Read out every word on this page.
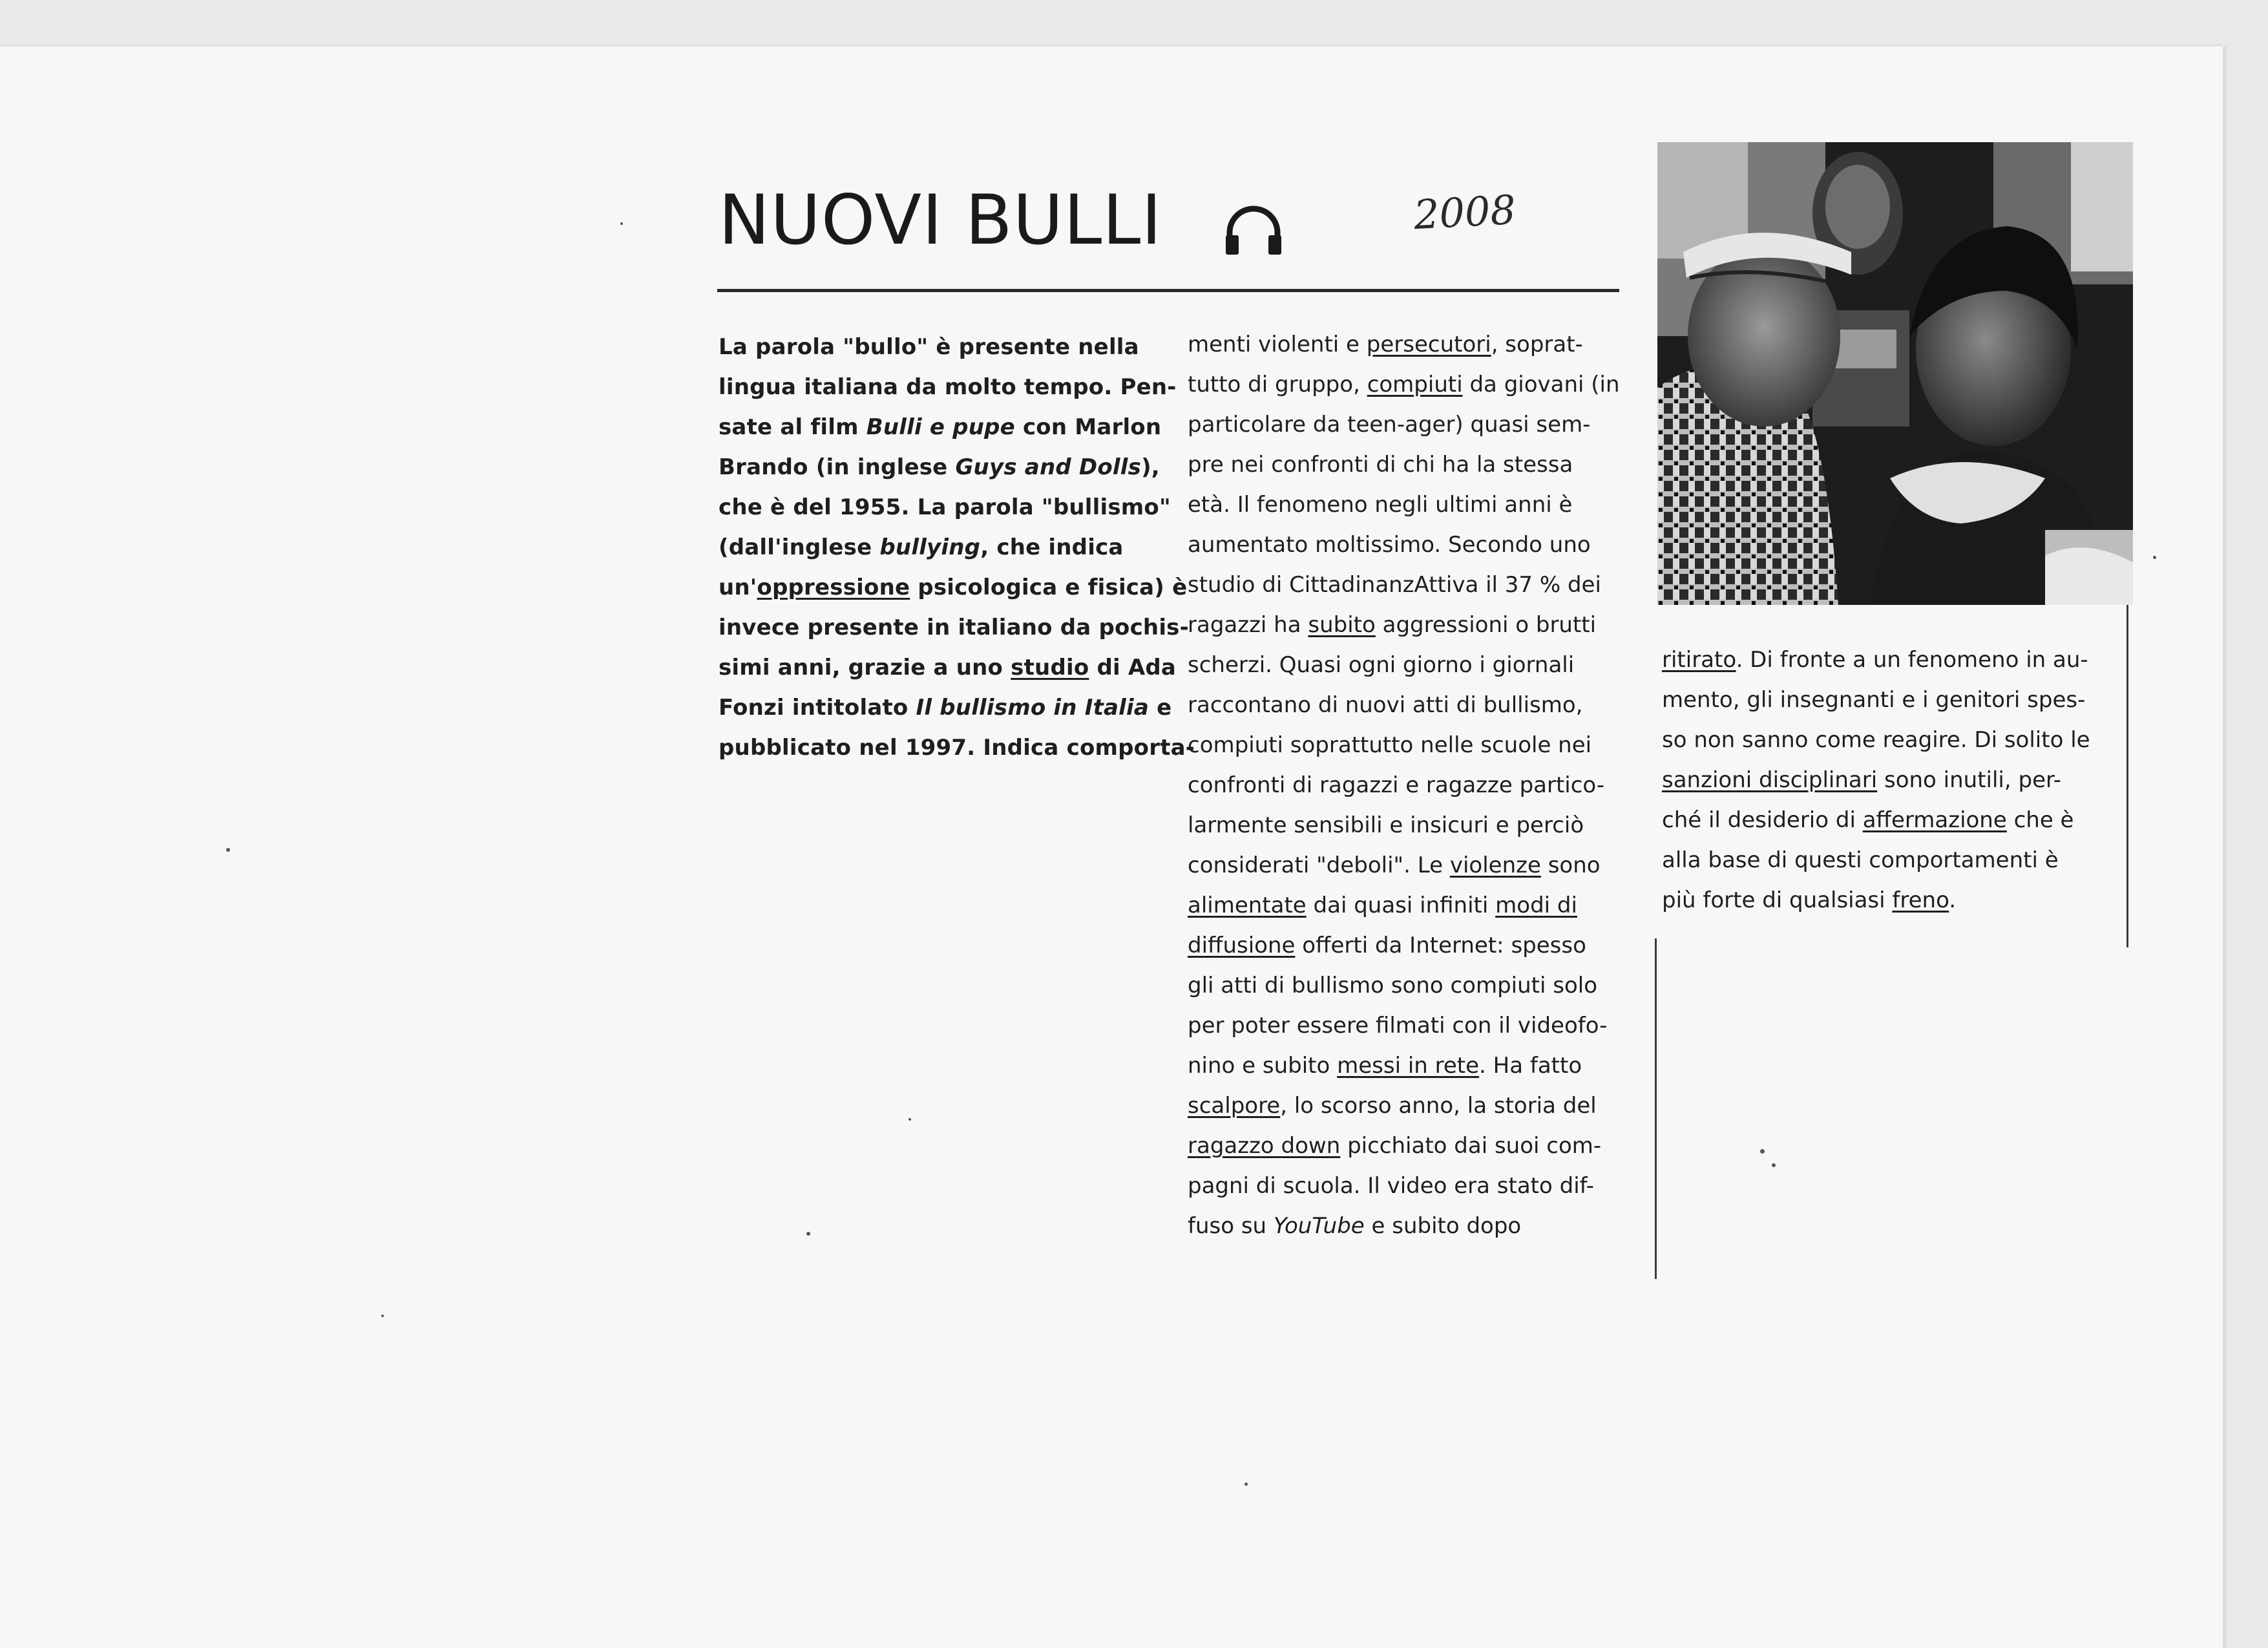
NUOVI BULLI	2008
La parola "bullo" è presente nella
lingua italiana da molto tempo. Pen-
sate al film Bulli e pupe con Marlon
Brando (in inglese Guys and Dolls),
che è del 1955. La parola "bullismo"
(dall'inglese bullying, che indica
un'oppressione psicologica e fisica) è
invece presente in italiano da pochis-
simi anni, grazie a uno studio di Ada
Fonzi intitolato Il bullismo in Italia e
pubblicato nel 1997. Indica comporta-
menti violenti e persecutori, soprat-
tutto di gruppo, compiuti da giovani (in
particolare da teen-ager) quasi sem-
pre nei confronti di chi ha la stessa
età. Il fenomeno negli ultimi anni è
aumentato moltissimo. Secondo uno
studio di CittadinanzAttiva il 37 % dei
ragazzi ha subito aggressioni o brutti
scherzi. Quasi ogni giorno i giornali
raccontano di nuovi atti di bullismo,
compiuti soprattutto nelle scuole nei
confronti di ragazzi e ragazze partico-
larmente sensibili e insicuri e perciò
considerati "deboli". Le violenze sono
alimentate dai quasi infiniti modi di
diffusione offerti da Internet: spesso
gli atti di bullismo sono compiuti solo
per poter essere filmati con il videofo-
nino e subito messi in rete. Ha fatto
scalpore, lo scorso anno, la storia del
ragazzo down picchiato dai suoi com-
pagni di scuola. Il video era stato dif-
fuso su YouTube e subito dopo
ritirato. Di fronte a un fenomeno in au-
mento, gli insegnanti e i genitori spes-
so non sanno come reagire. Di solito le
sanzioni disciplinari sono inutili, per-
ché il desiderio di affermazione che è
alla base di questi comportamenti è
più forte di qualsiasi freno.
